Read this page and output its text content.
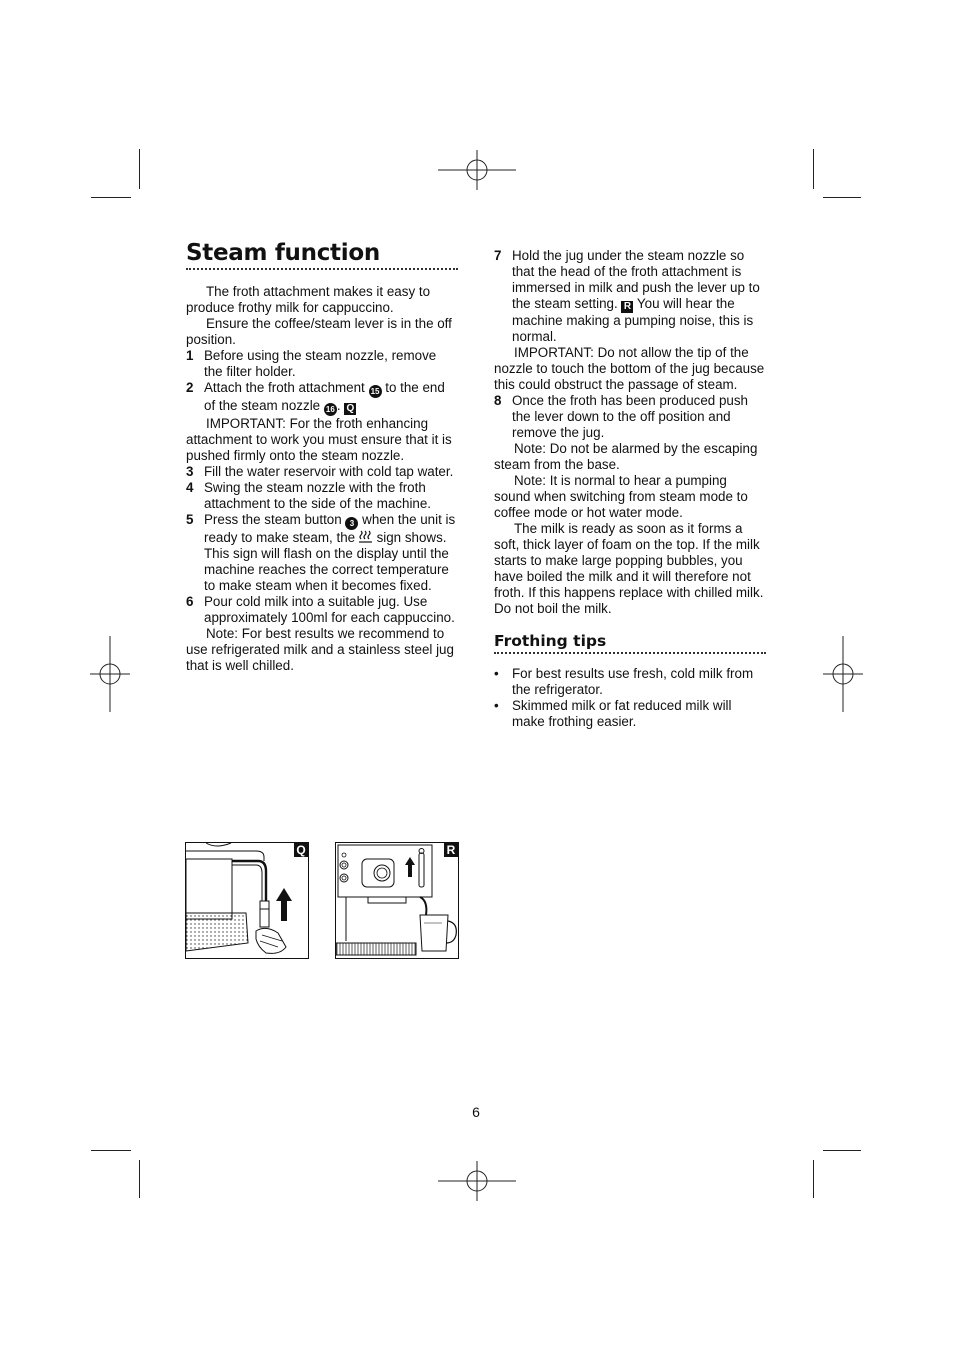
Steam function

The froth attachment makes it easy to produce frothy milk for cappuccino.

Ensure the coffee/steam lever is in the off position.

1 Before using the steam nozzle, remove the filter holder.
2 Attach the froth attachment 15 to the end of the steam nozzle 16 . Q

IMPORTANT: For the froth enhancing attachment to work you must ensure that it is pushed firmly onto the steam nozzle.

3 Fill the water reservoir with cold tap water.
4 Swing the steam nozzle with the froth attachment to the side of the machine.
5 Press the steam button 3 when the unit is ready to make steam, the sign shows. This sign will flash on the display until the machine reaches the correct temperature to make steam when it becomes fixed.
6 Pour cold milk into a suitable jug. Use approximately 100ml for each cappuccino.

Note: For best results we recommend to use refrigerated milk and a stainless steel jug that is well chilled.

7 Hold the jug under the steam nozzle so that the head of the froth attachment is immersed in milk and push the lever up to the steam setting. R You will hear the machine making a pumping noise, this is normal.

IMPORTANT: Do not allow the tip of the nozzle to touch the bottom of the jug because this could obstruct the passage of steam.

8 Once the froth has been produced push the lever down to the off position and remove the jug.

Note: Do not be alarmed by the escaping steam from the base.

Note: It is normal to hear a pumping sound when switching from steam mode to coffee mode or hot water mode.

The milk is ready as soon as it forms a soft, thick layer of foam on the top. If the milk starts to make large popping bubbles, you have boiled the milk and it will therefore not froth. If this happens replace with chilled milk. Do not boil the milk.

Frothing tips
• For best results use fresh, cold milk from the refrigerator.
• Skimmed milk or fat reduced milk will make frothing easier.
Q	R
6
